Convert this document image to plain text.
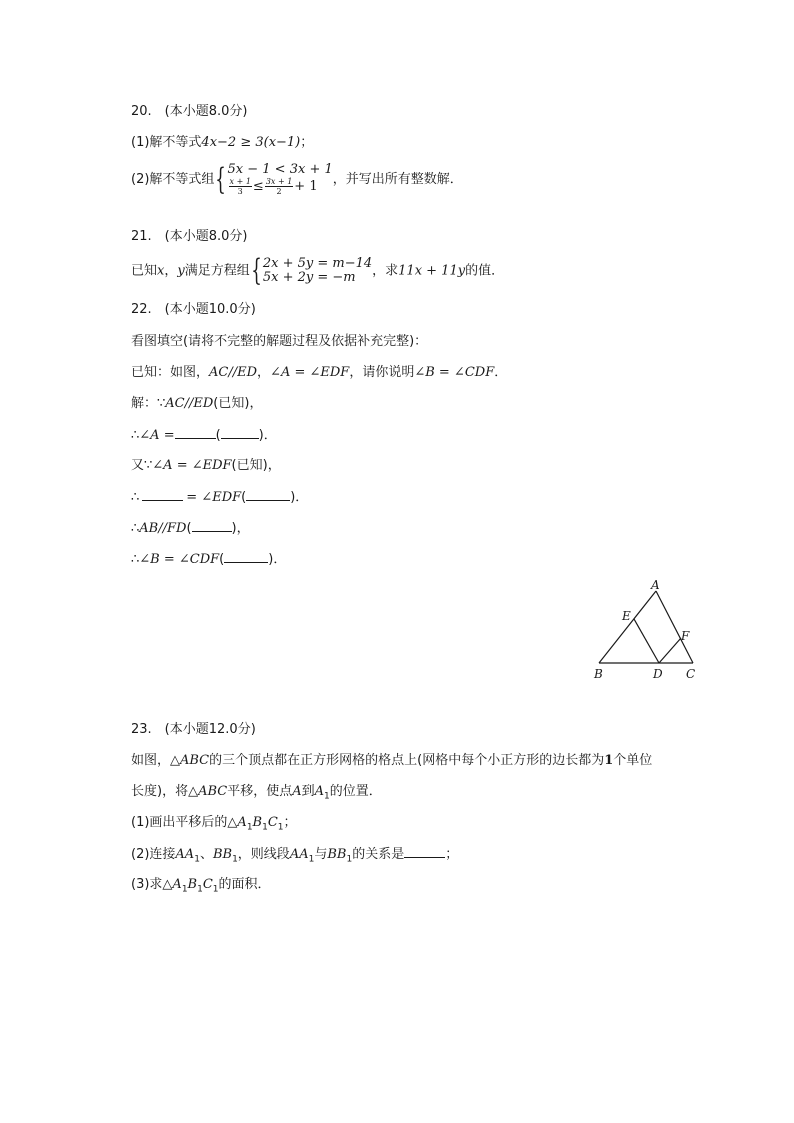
20.　(本小题8.0分)
(1)解不等式4x−2 ≥ 3(x−1)；
(2)解不等式组{ 5x − 1 < 3x + 1
$\frac{x + 1}{3} \le \frac{3x + 1}{2} + 1$	，并写出所有整数解．
21.　(本小题8.0分)
已知x，y满足方程组{ 2x + 5y = m−14
5x + 2y = −m	，求11x + 11y的值．
22.　(本小题10.0分)
看图填空(请将不完整的解题过程及依据补充完整)：
已知：如图，AC//ED，∠A = ∠EDF，请你说明∠B = ∠CDF．
解：∵AC//ED(已知)，
∴∠A =	(	)．
又∵∠A = ∠EDF(已知)，
∴	= ∠EDF(	)．
∴AB//FD(	)，
∴∠B = ∠CDF(	)．
A
E
F
B	D C
23.　(本小题12.0分)
如图，△ABC的三个顶点都在正方形网格的格点上(网格中每个小正方形的边长都为1个单位
长度)，将△ABC平移，使点A到$A_1$的位置．
(1)画出平移后的$\triangle A_1B_1C_1$；
(2)连接$AA_1$、$BB_1$，则线段$AA_1$与$BB_1$的关系是	；
(3)求$\triangle A_1B_1C_1$的面积．
